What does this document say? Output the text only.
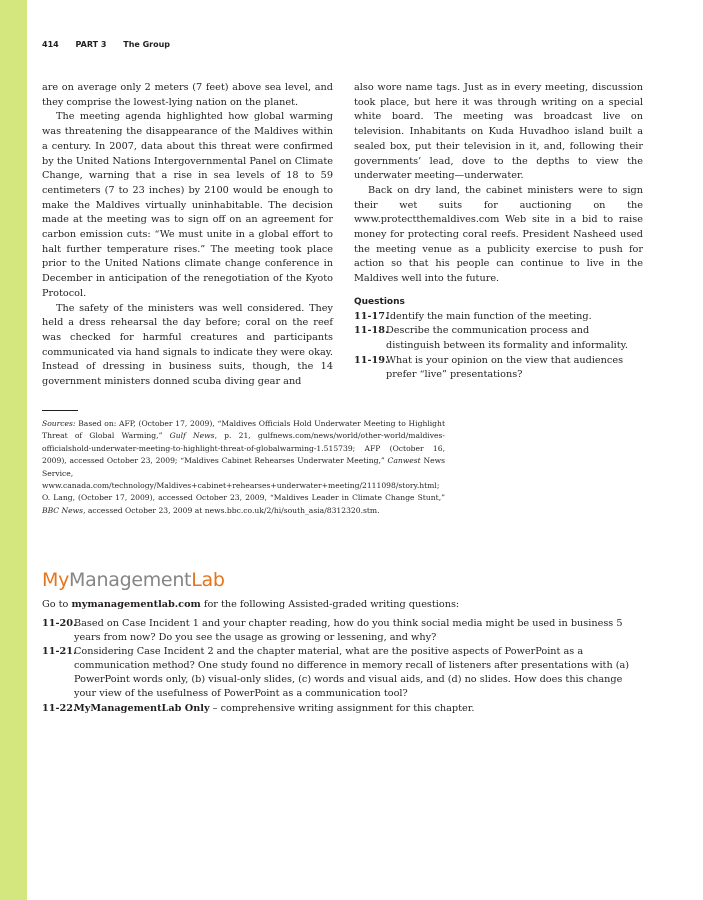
414 PART 3 The Group

are on average only 2 meters (7 feet) above sea level, and they comprise the lowest-lying nation on the planet.

The meeting agenda highlighted how global warming was threatening the disappearance of the Maldives within a century. In 2007, data about this threat were confirmed by the United Nations Intergovernmental Panel on Climate Change, warning that a rise in sea levels of 18 to 59 centimeters (7 to 23 inches) by 2100 would be enough to make the Maldives virtually uninhabitable. The decision made at the meeting was to sign off on an agreement for carbon emission cuts: “We must unite in a global effort to halt further temperature rises.” The meeting took place prior to the United Nations climate change conference in December in anticipation of the renegotiation of the Kyoto Protocol.

The safety of the ministers was well considered. They held a dress rehearsal the day before; coral on the reef was checked for harmful creatures and participants communicated via hand signals to indicate they were okay. Instead of dressing in business suits, though, the 14 government ministers donned scuba diving gear and

also wore name tags. Just as in every meeting, discussion took place, but here it was through writing on a special white board. The meeting was broadcast live on television. Inhabitants on Kuda Huvadhoo island built a sealed box, put their television in it, and, following their governments’ lead, dove to the depths to view the underwater meeting—underwater.

Back on dry land, the cabinet ministers were to sign their wet suits for auctioning on the www.protectthemaldives.com Web site in a bid to raise money for protecting coral reefs. President Nasheed used the meeting venue as a publicity exercise to push for action so that his people can continue to live in the Maldives well into the future.

Questions
11-17.
Identify the main function of the meeting.
11-18.
Describe the communication process and distinguish between its formality and informality.
11-19.
What is your opinion on the view that audiences prefer “live” presentations?
Sources: Based on: AFP, (October 17, 2009), “Maldives Officials Hold Underwater Meeting to Highlight Threat of Global Warming,” Gulf News, p. 21, gulfnews.com/news/world/other-world/maldives-officialshold-underwater-meeting-to-highlight-threat-of-globalwarming-1.515739; AFP (October 16, 2009), accessed October 23, 2009; “Maldives Cabinet Rehearses Underwater Meeting,” Canwest News Service, www.canada.com/technology/Maldives+cabinet+rehearses+underwater+meeting/2111098/story.html; O. Lang, (October 17, 2009), accessed October 23, 2009, “Maldives Leader in Climate Change Stunt,” BBC News, accessed October 23, 2009 at news.bbc.co.uk/2/hi/south_asia/8312320.stm.
MyManagementLab

Go to mymanagementlab.com for the following Assisted-graded writing questions:

11-20.
Based on Case Incident 1 and your chapter reading, how do you think social media might be used in business 5 years from now? Do you see the usage as growing or lessening, and why?

11-21.
Considering Case Incident 2 and the chapter material, what are the positive aspects of PowerPoint as a communication method? One study found no difference in memory recall of listeners after presentations with (a) PowerPoint words only, (b) visual-only slides, (c) words and visual aids, and (d) no slides. How does this change your view of the usefulness of PowerPoint as a communication tool?

11-22.
MyManagementLab Only – comprehensive writing assignment for this chapter.
